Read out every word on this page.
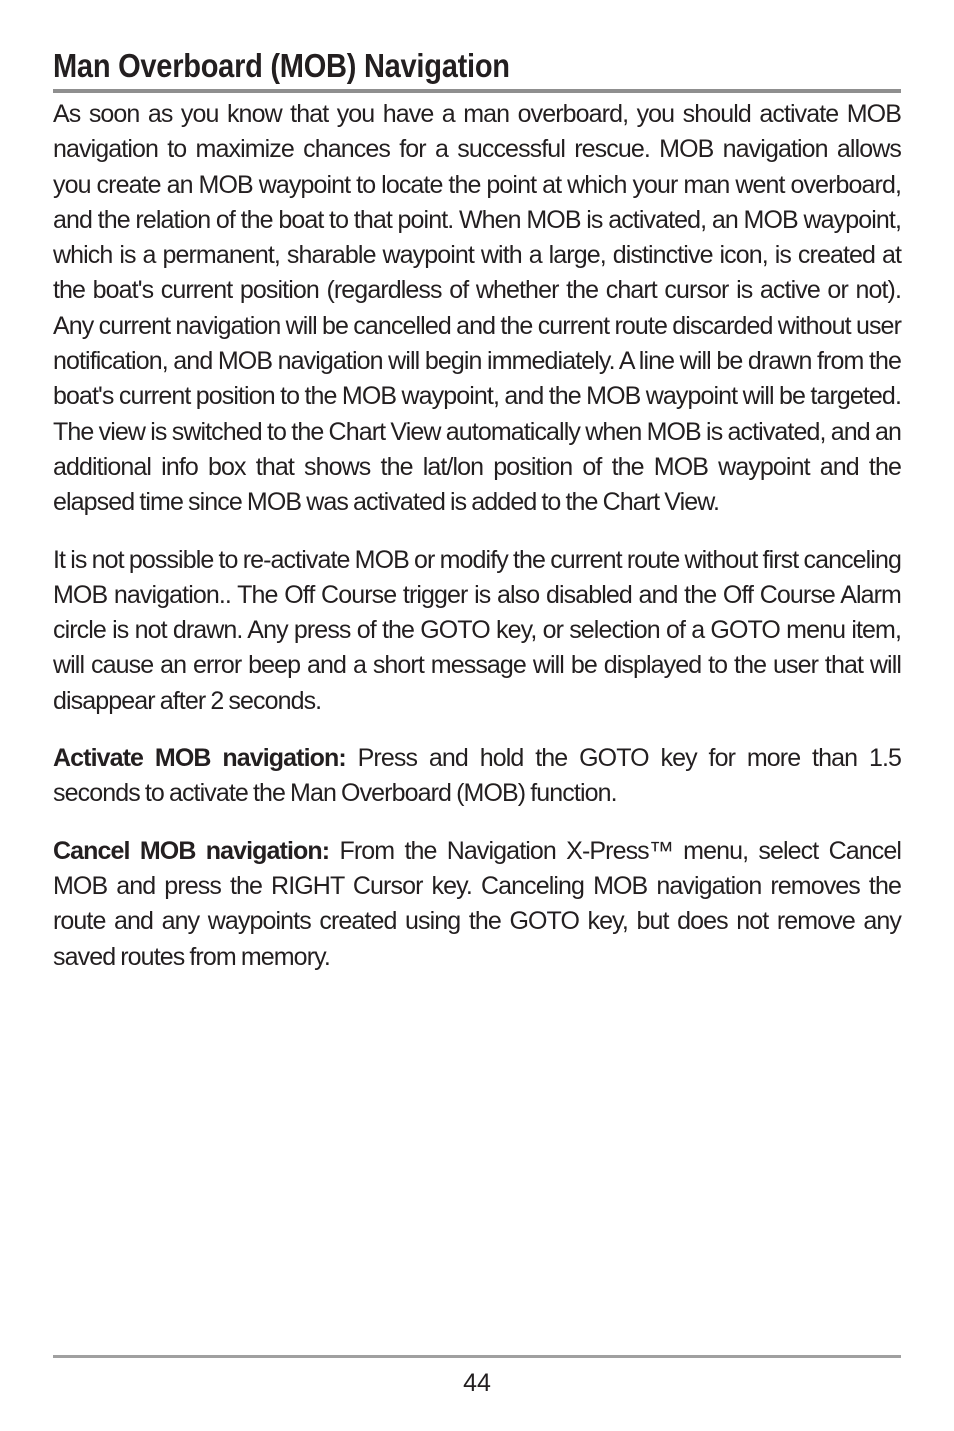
Man Overboard (MOB) Navigation

As soon as you know that you have a man overboard, you should activate MOB navigation to maximize chances for a successful rescue. MOB navigation allows you create an MOB waypoint to locate the point at which your man went overboard, and the relation of the boat to that point. When MOB is activated, an MOB waypoint, which is a permanent, sharable waypoint with a large, distinctive icon, is created at the boat's current position (regardless of whether the chart cursor is active or not). Any current navigation will be cancelled and the current route discarded without user notification, and MOB navigation will begin immediately. A line will be drawn from the boat's current position to the MOB waypoint, and the MOB waypoint will be targeted. The view is switched to the Chart View automatically when MOB is activated, and an additional info box that shows the lat/lon position of the MOB waypoint and the elapsed time since MOB was activated is added to the Chart View.

It is not possible to re-activate MOB or modify the current route without first canceling MOB navigation.. The Off Course trigger is also disabled and the Off Course Alarm circle is not drawn. Any press of the GOTO key, or selection of a GOTO menu item, will cause an error beep and a short message will be displayed to the user that will disappear after 2 seconds.

Activate MOB navigation: Press and hold the GOTO key for more than 1.5 seconds to activate the Man Overboard (MOB) function.

Cancel MOB navigation: From the Navigation X-Press™ menu, select Cancel MOB and press the RIGHT Cursor key. Canceling MOB navigation removes the route and any waypoints created using the GOTO key, but does not remove any saved routes from memory.

44
